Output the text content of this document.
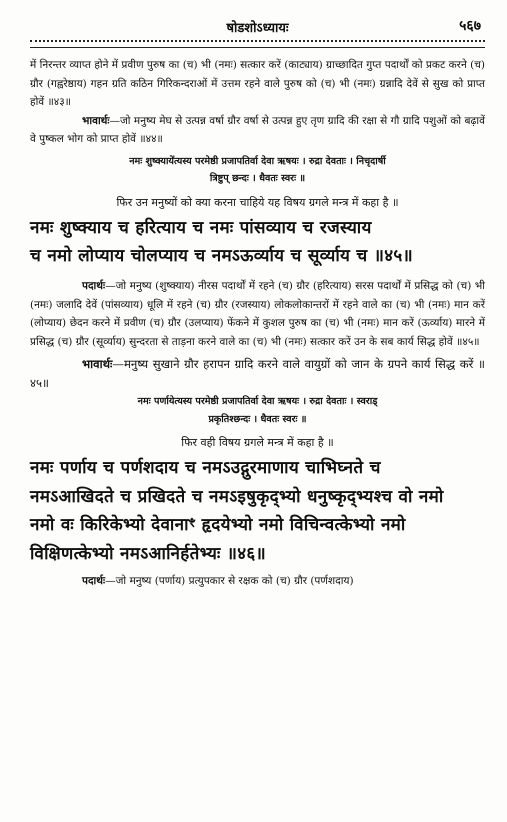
षोडशोऽध्यायः	५६७

में निरन्तर व्याप्त होने में प्रवीण पुरुष का (च) भी (नमः) सत्कार करें (काट्याय) ग्राच्छादित गुप्त पदार्थों को प्रकट करने (च) ग्रौर (गह्वरेष्ठाय) गहन ग्रति कठिन गिरिकन्दराओं में उत्तम रहने वाले पुरुष को (च) भी (नमः) ग्रन्नादि देवें से सुख को प्राप्त होवें ॥४३॥

भावार्थः—जो मनुष्य मेघ से उत्पन्न वर्षा ग्रौर वर्षा से उत्पन्न हुए तृण ग्रादि की रक्षा से गौ ग्रादि पशुओं को बढ़ावें वे पुष्कल भोग को प्राप्त होवें ॥४४॥

नमः शुष्क्याये॑त्यस्य परमेष्ठी प्रजापतिर्वा देवा ऋषयः । रुद्रा देवताः । निचृदार्षी

त्रिष्टुप् छन्दः । धैवतः स्वरः ॥

फिर उन मनुष्यों को क्या करना चाहिये यह विषय ग्रगले मन्त्र में कहा है ॥

नमः शुष्क्याय च हरित्याय च नमः पांसव्याय च रजस्याय

च नमो लोप्याय चोलप्याय च नमऽऊर्व्याय च सूर्व्याय च ॥४५॥

पदार्थः—जो मनुष्य (शुष्क्याय) नीरस पदार्थों में रहने (च) ग्रौर (हरित्याय) सरस पदार्थों में प्रसिद्ध को (च) भी (नमः) जलादि देवें (पांसव्याय) धूलि में रहने (च) ग्रौर (रजस्याय) लोकलोकान्तरों में रहने वाले का (च) भी (नमः) मान करें (लोप्याय) छेदन करने में प्रवीण (च) ग्रौर (उलप्याय) फेंकने में कुशल पुरुष का (च) भी (नमः) मान करें (ऊर्व्याय) मारने में प्रसिद्ध (च) ग्रौर (सूर्व्याय) सुन्दरता से ताड़ना करने वाले का (च) भी (नमः) सत्कार करें उन के सब कार्य सिद्ध होवें ॥४५॥

भावार्थः—मनुष्य सुखाने ग्रौर हरापन ग्रादि करने वाले वायुग्रों को जान के ग्रपने कार्य सिद्ध करें ॥४५॥

नमः पर्णायेत्यस्य परमेष्ठी प्रजापतिर्वा देवा ऋषयः । रुद्रा देवताः । स्वराड्

प्रकृतिश्छन्दः । धैवतः स्वरः ॥

फिर वही विषय ग्रगले मन्त्र में कहा है ॥

नमः पर्णाय च पर्णशदाय च नमऽउद्गुरमाणाय चाभिघ्नते च

नमऽआखिदते च प्रखिदते च नमऽइषुकृद्भ्यो धनुष्कृद्भ्यश्च वो नमो

नमो वः किरिकेभ्यो देवानाꣳ हृदयेभ्यो नमो विचिन्वत्केभ्यो नमो

विक्षिणत्केभ्यो नमऽआनिर्हतेभ्यः ॥४६॥

पदार्थः—जो मनुष्य (पर्णाय) प्रत्युपकार से रक्षक को (च) ग्रौर (पर्णशदाय)
